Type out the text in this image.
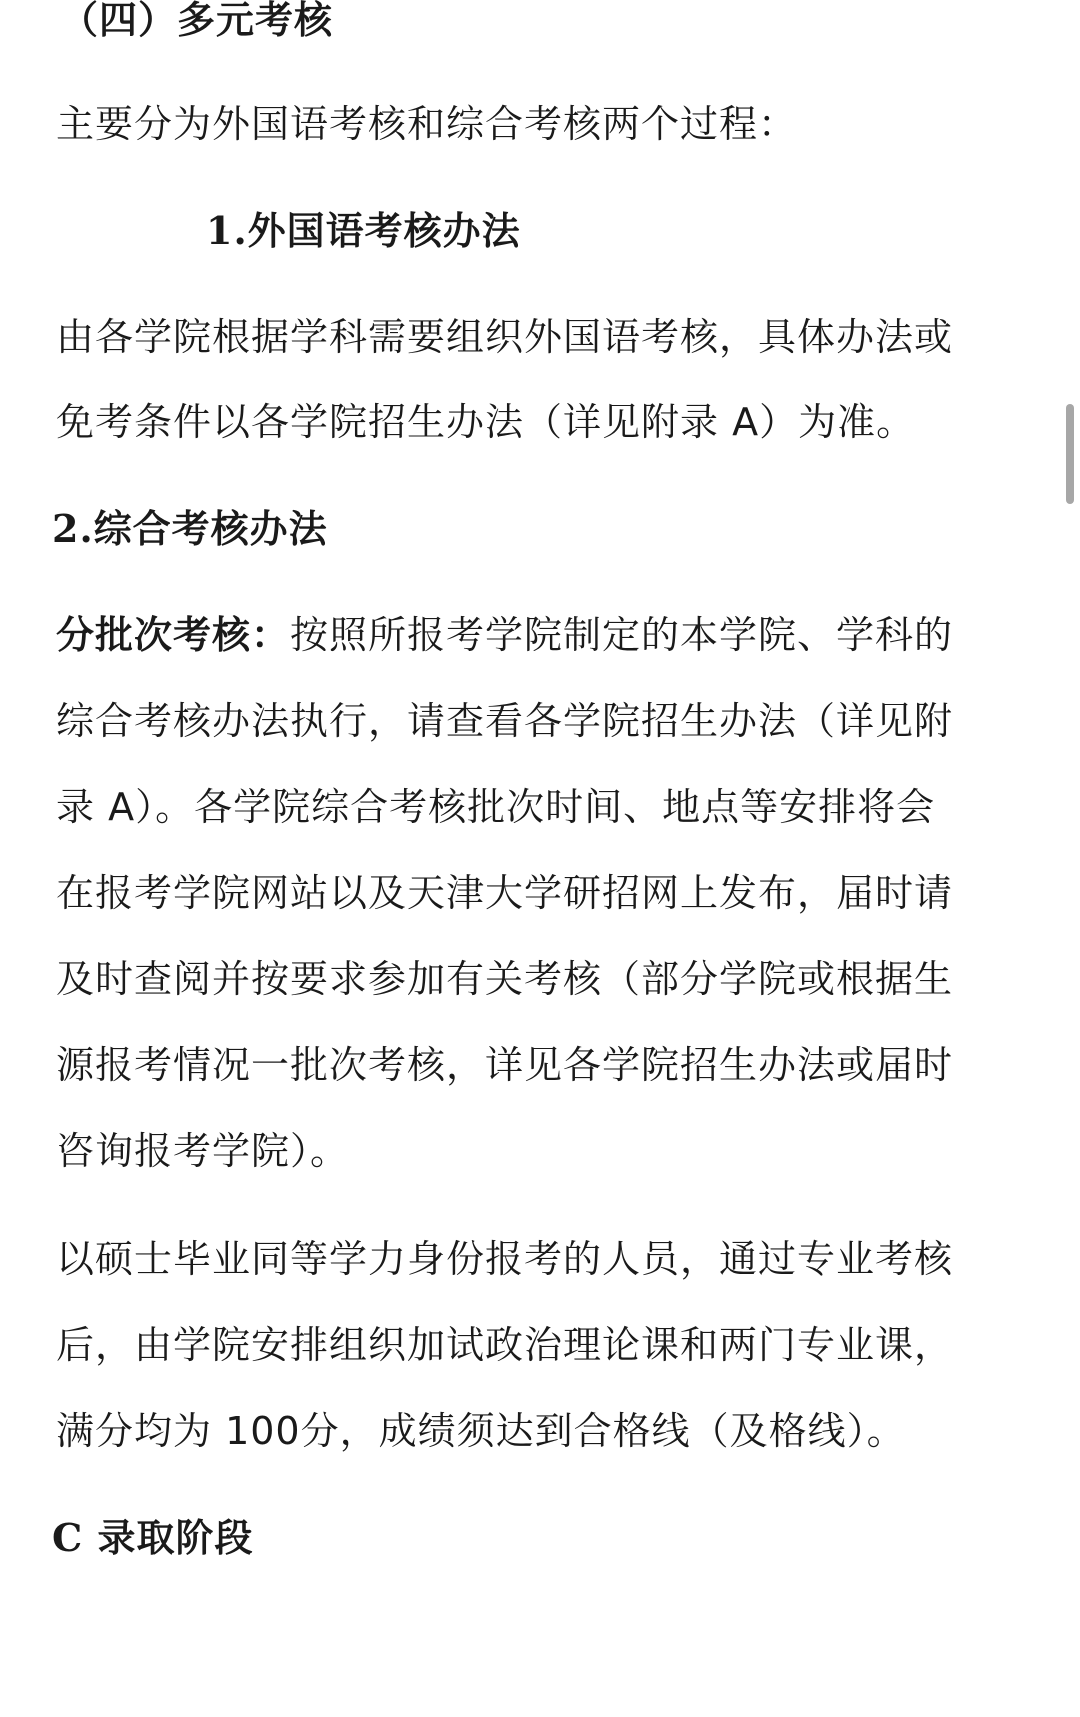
（四）多元考核
主要分为外国语考核和综合考核两个过程：
1.外国语考核办法
由各学院根据学科需要组织外国语考核，具体办法或
免考条件以各学院招生办法（详见附录 A）为准。
2.综合考核办法
分批次考核：按照所报考学院制定的本学院、学科的
综合考核办法执行，请查看各学院招生办法（详见附
录 A）。各学院综合考核批次时间、地点等安排将会
在报考学院网站以及天津大学研招网上发布，届时请
及时查阅并按要求参加有关考核（部分学院或根据生
源报考情况一批次考核，详见各学院招生办法或届时
咨询报考学院）。
以硕士毕业同等学力身份报考的人员，通过专业考核
后，由学院安排组织加试政治理论课和两门专业课，
满分均为 100分，成绩须达到合格线（及格线）。
C 录取阶段
